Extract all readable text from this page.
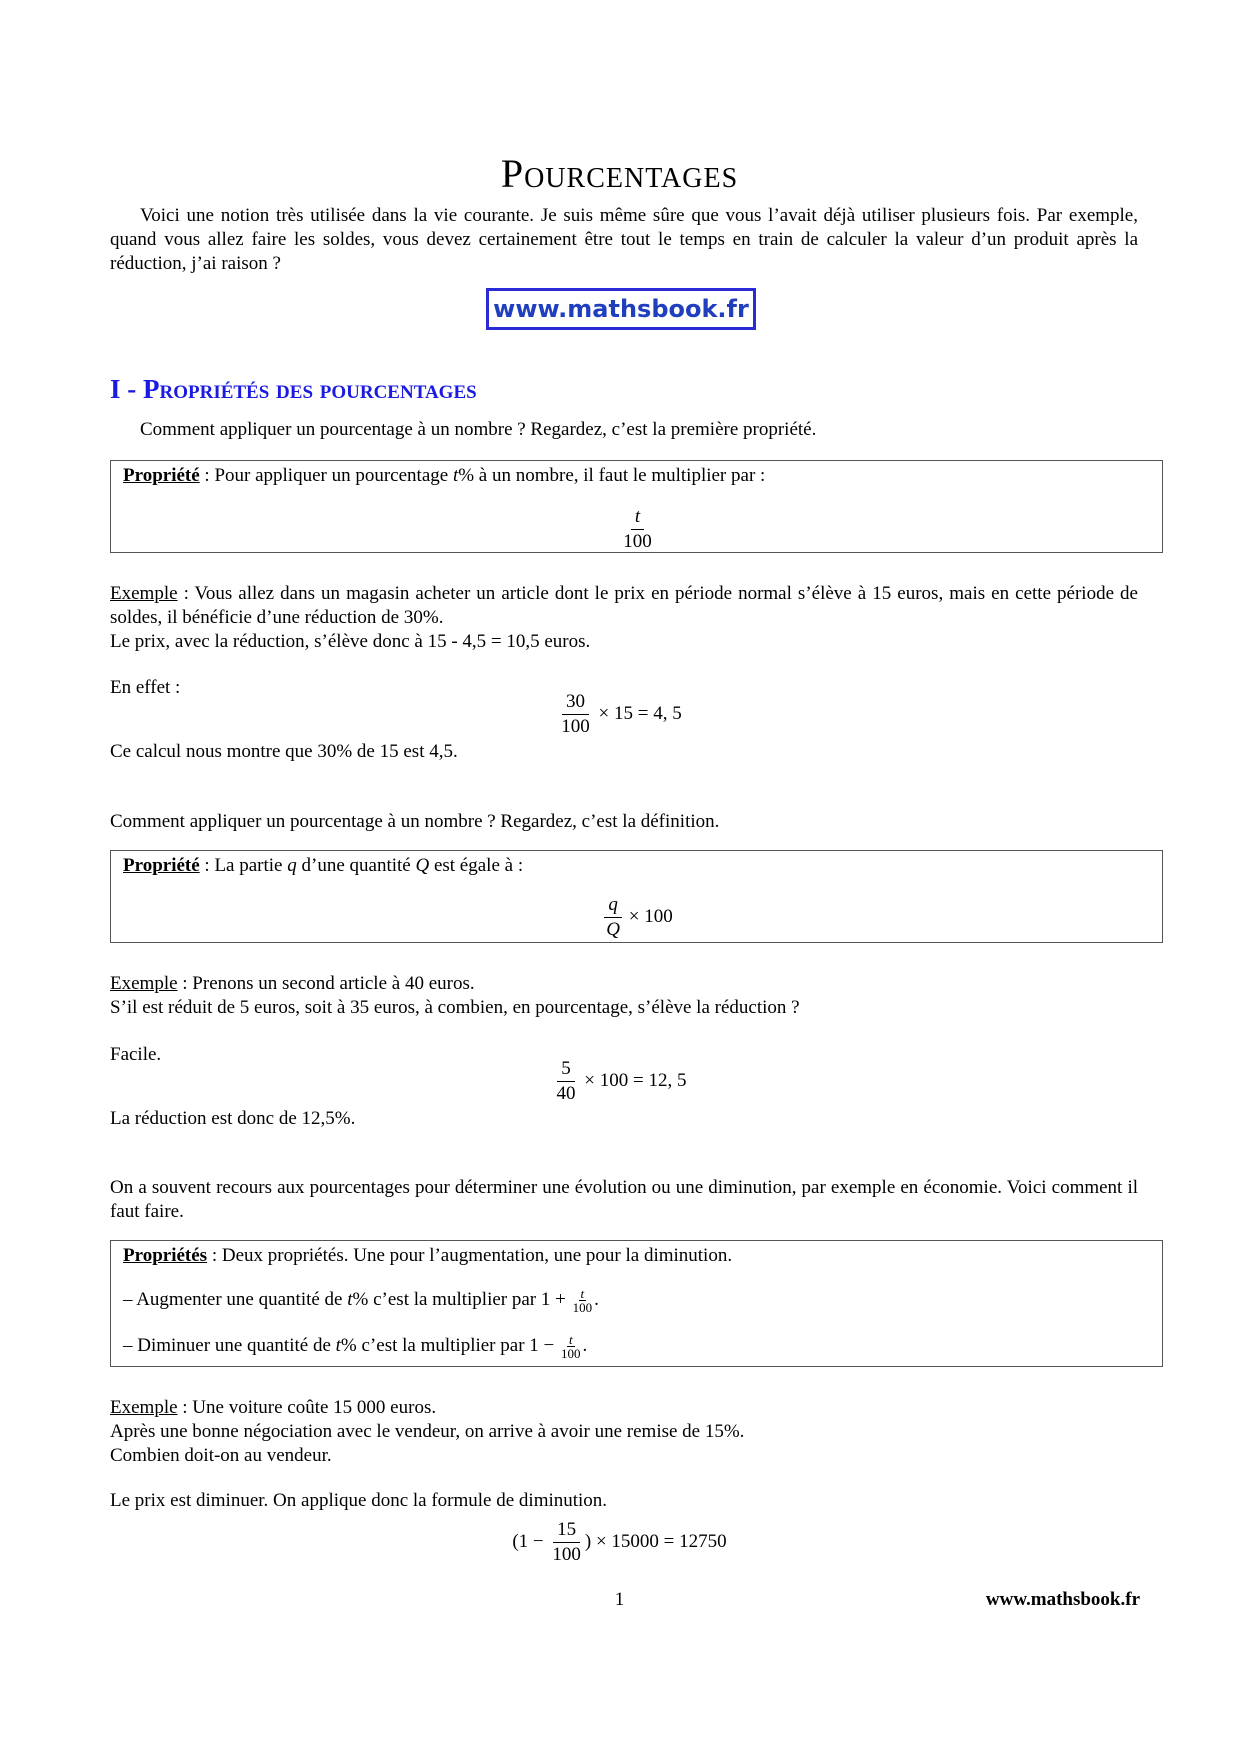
Pourcentages
Voici une notion très utilisée dans la vie courante. Je suis même sûre que vous l’avait déjà utiliser plusieurs fois. Par exemple, quand vous allez faire les soldes, vous devez certainement être tout le temps en train de calculer la valeur d’un produit après la réduction, j’ai raison ?
www.mathsbook.fr
I - Propriétés des pourcentages
Comment appliquer un pourcentage à un nombre ? Regardez, c’est la première propriété.
Propriété : Pour appliquer un pourcentage t% à un nombre, il faut le multiplier par :
$\frac{t}{100}$
Exemple : Vous allez dans un magasin acheter un article dont le prix en période normal s’élève à 15 euros, mais en cette période de soldes, il bénéficie d’une réduction de 30%.
Le prix, avec la réduction, s’élève donc à 15 - 4,5 = 10,5 euros.
En effet :
$\frac{30}{100} \times 15 = 4$, 5
Ce calcul nous montre que 30% de 15 est 4,5.
Comment appliquer un pourcentage à un nombre ? Regardez, c’est la définition.
Propriété : La partie q d’une quantité Q est égale à :
$\frac{q}{Q} \times 100$
Exemple : Prenons un second article à 40 euros.
S’il est réduit de 5 euros, soit à 35 euros, à combien, en pourcentage, s’élève la réduction ?
Facile.
$\frac{5}{40} \times 100 = 12$, 5
La réduction est donc de 12,5%.
On a souvent recours aux pourcentages pour déterminer une évolution ou une diminution, par exemple en économie. Voici comment il faut faire.
Propriétés : Deux propriétés. Une pour l’augmentation, une pour la diminution.
– Augmenter une quantité de t% c’est la multiplier par $1 + \frac{t}{100}$ .
– Diminuer une quantité de t% c’est la multiplier par $1 - \frac{t}{100}$ .
Exemple : Une voiture coûte 15 000 euros.
Après une bonne négociation avec le vendeur, on arrive à avoir une remise de 15%.
Combien doit-on au vendeur.
Le prix est diminuer. On applique donc la formule de diminution.
($1 - \frac{15}{100}$ ) × 15000 = 12750
1	www.mathsbook.fr
